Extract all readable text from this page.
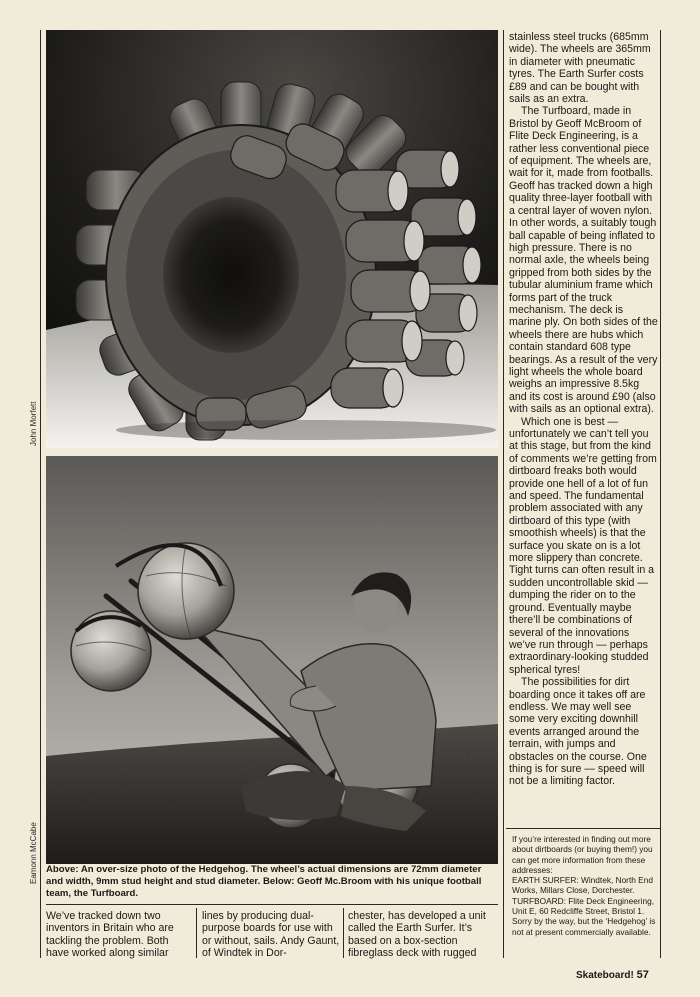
John Morfett
Eamonn McCabe Above: An over-size photo of the Hedgehog. The wheel’s actual dimensions are 72mm diameter and width, 9mm stud height and stud diameter. Below: Geoff Mc.Broom with his unique football team, the Turfboard.

We’ve tracked down two inventors in Britain who are tackling the problem. Both have worked along similar

lines by producing dual-purpose boards for use with or without, sails. Andy Gaunt, of Windtek in Dor-

chester, has developed a unit called the Earth Surfer. It’s based on a box-section fibreglass deck with rugged

stainless steel trucks (685mm wide). The wheels are 365mm in diameter with pneumatic tyres. The Earth Surfer costs £89 and can be bought with sails as an extra.

The Turfboard, made in Bristol by Geoff McBroom of Flite Deck Engineering, is a rather less conventional piece of equipment. The wheels are, wait for it, made from footballs. Geoff has tracked down a high quality three-layer football with a central layer of woven nylon. In other words, a suitably tough ball capable of being inflated to high pressure. There is no normal axle, the wheels being gripped from both sides by the tubular aluminium frame which forms part of the truck mechanism. The deck is marine ply. On both sides of the wheels there are hubs which contain standard 608 type bearings. As a result of the very light wheels the whole board weighs an impressive 8.5kg and its cost is around £90 (also with sails as an optional extra).

Which one is best — unfortunately we can’t tell you at this stage, but from the kind of comments we’re getting from dirtboard freaks both would provide one hell of a lot of fun and speed. The fundamental problem associated with any dirtboard of this type (with smoothish wheels) is that the surface you skate on is a lot more slippery than concrete. Tight turns can often result in a sudden uncontrollable skid — dumping the rider on to the ground. Eventually maybe there’ll be combinations of several of the innovations we’ve run through — perhaps extraordinary-looking studded spherical tyres!

The possibilities for dirt boarding once it takes off are endless. We may well see some very exciting downhill events arranged around the terrain, with jumps and obstacles on the course. One thing is for sure — speed will not be a limiting factor.

If you’re interested in finding out more about dirtboards (or buying them!) you can get more information from these addresses:

EARTH SURFER: Windtek, North End Works, Millars Close, Dorchester.

TURFBOARD: Flite Deck Engineering, Unit E, 60 Redcliffe Street, Bristol 1. Sorry by the way, but the ‘Hedgehog’ is not at present commercially available.

Skateboard! 57
